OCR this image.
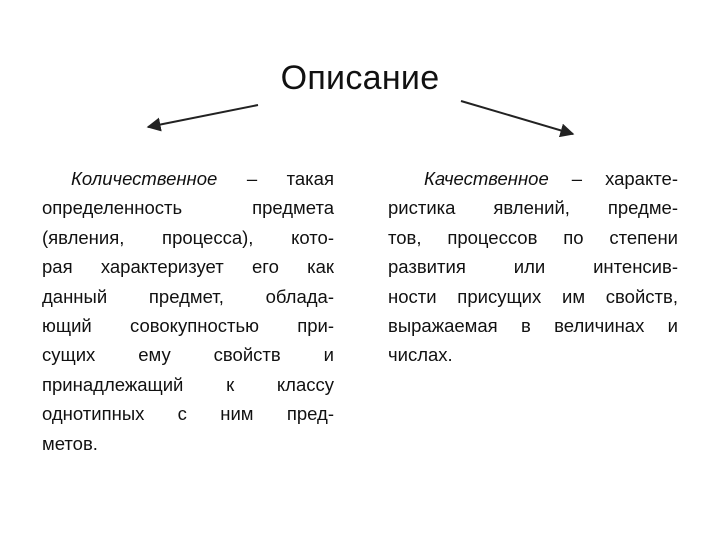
Описание
Количественное – такая
определенность предмета
(явления, процесса), кото-
рая характеризует его как
данный предмет, облада-
ющий совокупностью при-
сущих ему свойств и
принадлежащий к классу
однотипных с ним пред-
метов.
Качественное – характе-
ристика явлений, предме-
тов, процессов по степени
развития или интенсив-
ности присущих им свойств,
выражаемая в величинах и
числах.
